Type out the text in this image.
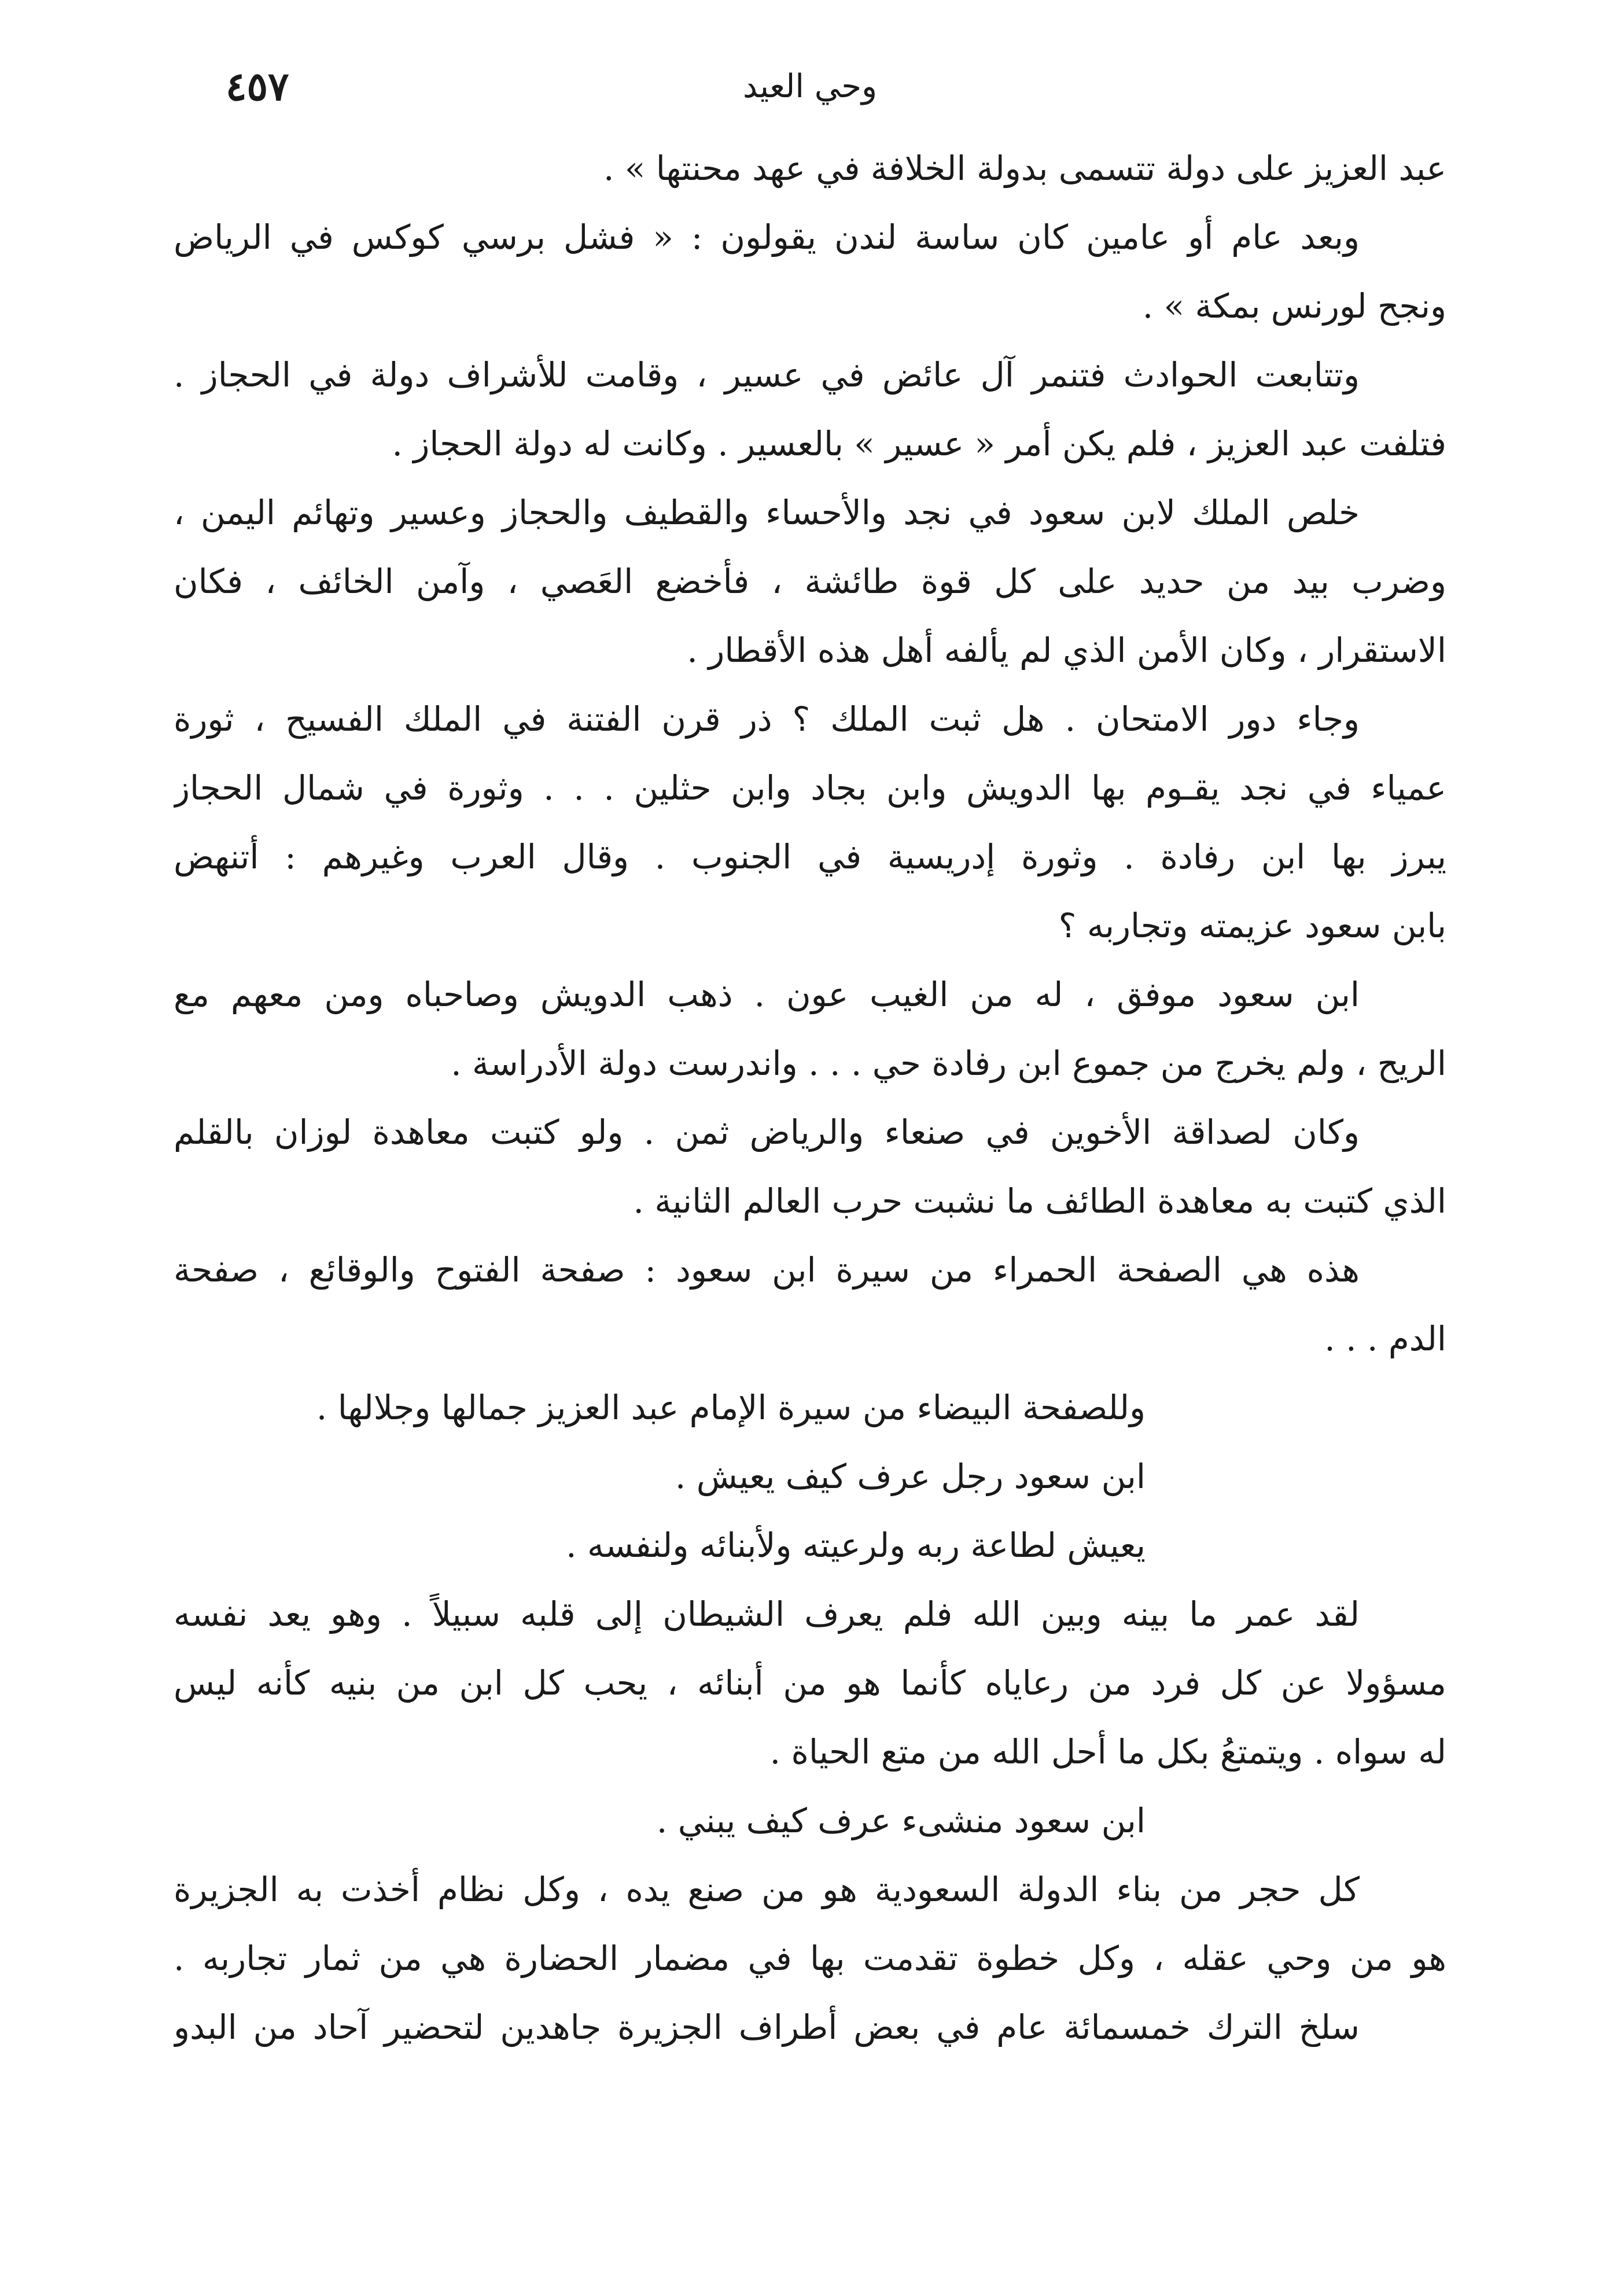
وحي العيد
٤٥٧
عبد العزيز على دولة تتسمى بدولة الخلافة في عهد محنتها » .
وبعد عام أو عامين كان ساسة لندن يقولون : « فشل برسي كوكس في الرياض
ونجح لورنس بمكة » .
وتتابعت الحوادث فتنمر آل عائض في عسير ، وقامت للأشراف دولة في الحجاز .
فتلفت عبد العزيز ، فلم يكن أمر « عسير » بالعسير . وكانت له دولة الحجاز .
خلص الملك لابن سعود في نجد والأحساء والقطيف والحجاز وعسير وتهائم اليمن ،
وضرب بيد من حديد على كل قوة طائشة ، فأخضع العَصي ، وآمن الخائف ، فكان
الاستقرار ، وكان الأمن الذي لم يألفه أهل هذه الأقطار .
وجاء دور الامتحان . هل ثبت الملك ؟ ذر قرن الفتنة في الملك الفسيح ، ثورة
عمياء في نجد يقـوم بها الدويش وابن بجاد وابن حثلين . . . وثورة في شمال الحجاز
يبرز بها ابن رفادة . وثورة إدريسية في الجنوب . وقال العرب وغيرهم : أتنهض
بابن سعود عزيمته وتجاربه ؟
ابن سعود موفق ، له من الغيب عون . ذهب الدويش وصاحباه ومن معهم مع
الريح ، ولم يخرج من جموع ابن رفادة حي . . . واندرست دولة الأدراسة .
وكان لصداقة الأخوين في صنعاء والرياض ثمن . ولو كتبت معاهدة لوزان بالقلم
الذي كتبت به معاهدة الطائف ما نشبت حرب العالم الثانية .
هذه هي الصفحة الحمراء من سيرة ابن سعود : صفحة الفتوح والوقائع ، صفحة
الدم . . .
وللصفحة البيضاء من سيرة الإمام عبد العزيز جمالها وجلالها .
ابن سعود رجل عرف كيف يعيش .
يعيش لطاعة ربه ولرعيته ولأبنائه ولنفسه .
لقد عمر ما بينه وبين الله فلم يعرف الشيطان إلى قلبه سبيلاً . وهو يعد نفسه
مسؤولا عن كل فرد من رعاياه كأنما هو من أبنائه ، يحب كل ابن من بنيه كأنه ليس
له سواه . ويتمتعُ بكل ما أحل الله من متع الحياة .
ابن سعود منشىء عرف كيف يبني .
كل حجر من بناء الدولة السعودية هو من صنع يده ، وكل نظام أخذت به الجزيرة
هو من وحي عقله ، وكل خطوة تقدمت بها في مضمار الحضارة هي من ثمار تجاربه .
سلخ الترك خمسمائة عام في بعض أطراف الجزيرة جاهدين لتحضير آحاد من البدو
